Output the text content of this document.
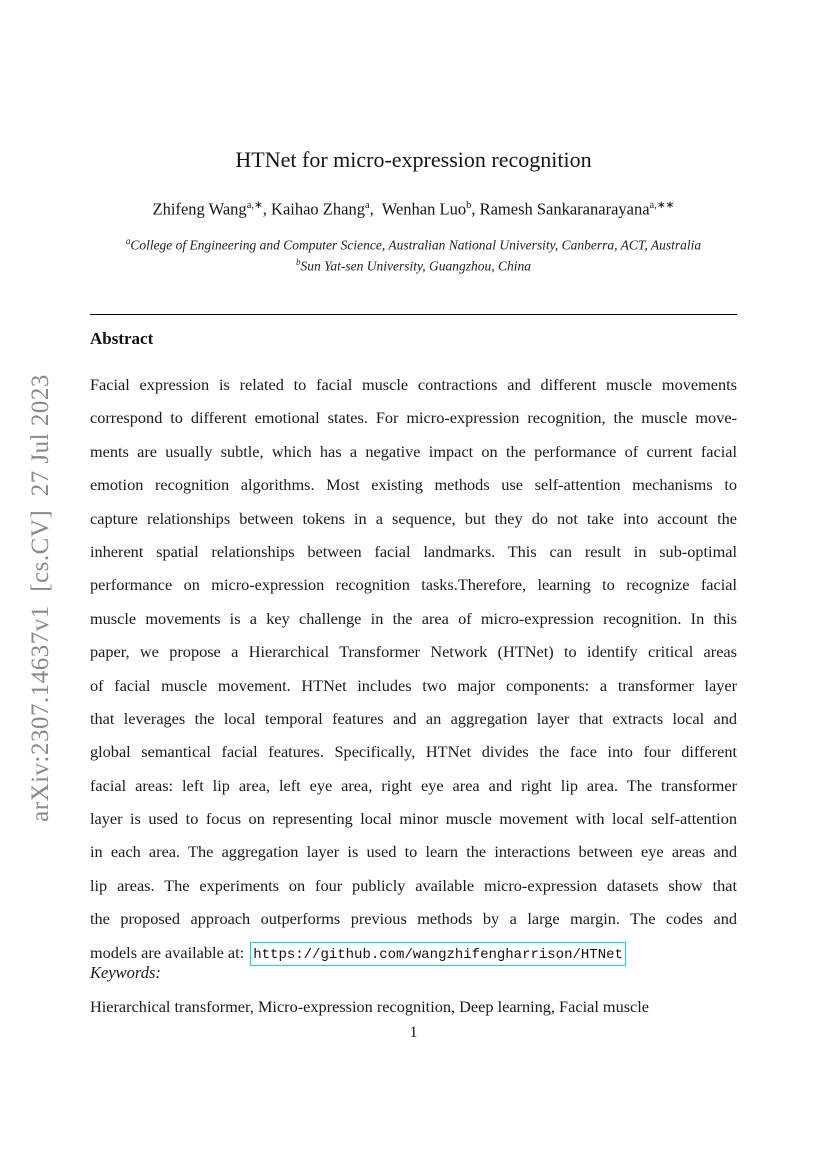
arXiv:2307.14637v1  [cs.CV]  27 Jul 2023
HTNet for micro-expression recognition
Zhifeng Wang$^{a,∗}$, Kaihao Zhang$^a$,  Wenhan Luo$^b$, Ramesh Sankaranarayana$^{a,∗∗}$
$^a$College of Engineering and Computer Science, Australian National University, Canberra, ACT, Australia
$^b$Sun Yat-sen University, Guangzhou, China
Abstract
Facial expression is related to facial muscle contractions and different muscle movements
correspond to different emotional states. For micro-expression recognition, the muscle move-
ments are usually subtle, which has a negative impact on the performance of current facial
emotion recognition algorithms. Most existing methods use self-attention mechanisms to
capture relationships between tokens in a sequence, but they do not take into account the
inherent spatial relationships between facial landmarks. This can result in sub-optimal
performance on micro-expression recognition tasks.Therefore, learning to recognize facial
muscle movements is a key challenge in the area of micro-expression recognition. In this
paper, we propose a Hierarchical Transformer Network (HTNet) to identify critical areas
of facial muscle movement. HTNet includes two major components: a transformer layer
that leverages the local temporal features and an aggregation layer that extracts local and
global semantical facial features. Specifically, HTNet divides the face into four different
facial areas: left lip area, left eye area, right eye area and right lip area. The transformer
layer is used to focus on representing local minor muscle movement with local self-attention
in each area. The aggregation layer is used to learn the interactions between eye areas and
lip areas. The experiments on four publicly available micro-expression datasets show that
the proposed approach outperforms previous methods by a large margin. The codes and
models are available at: https://github.com/wangzhifengharrison/HTNet
Keywords:
Hierarchical transformer, Micro-expression recognition, Deep learning, Facial muscle
1
